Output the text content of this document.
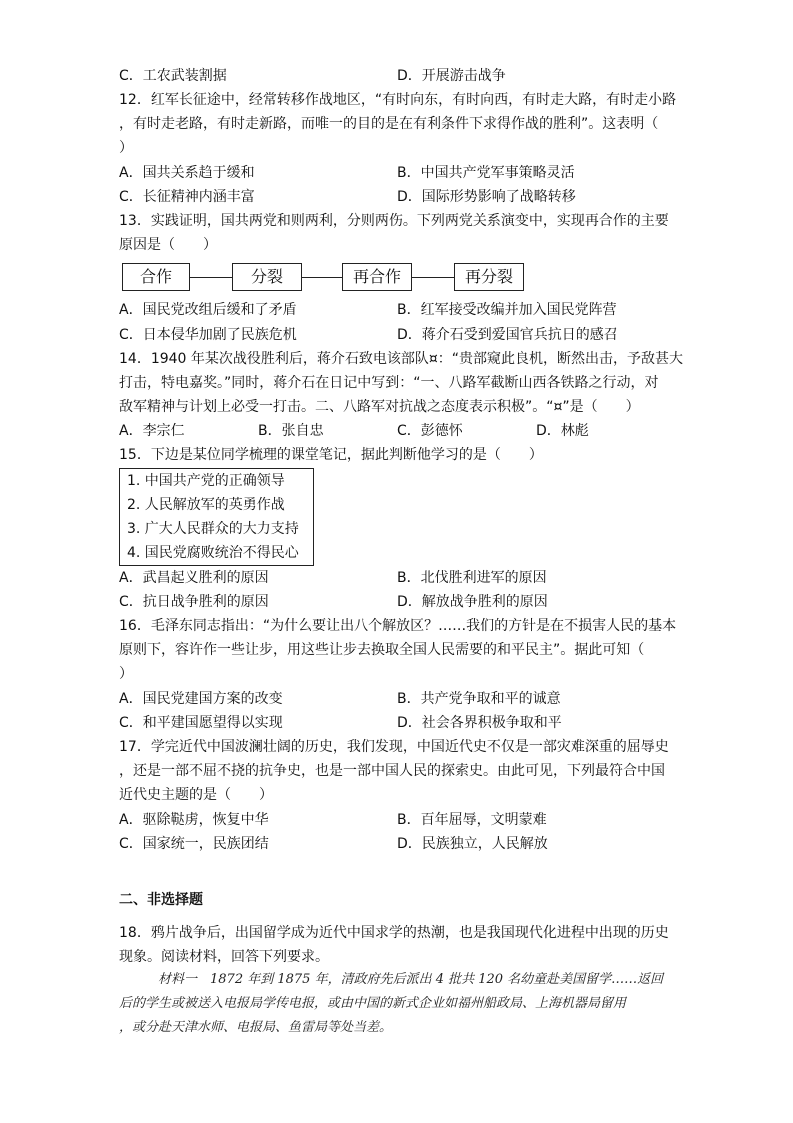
C．工农武装割据	D．开展游击战争
12．红军长征途中，经常转移作战地区，“有时向东，有时向西，有时走大路，有时走小路
，有时走老路，有时走新路，而唯一的目的是在有利条件下求得作战的胜利”。这表明（
）
A．国共关系趋于缓和	B．中国共产党军事策略灵活
C．长征精神内涵丰富	D．国际形势影响了战略转移
13．实践证明，国共两党和则两利，分则两伤。下列两党关系演变中，实现再合作的主要
原因是（　　）
合作	分裂	再合作	再分裂
A．国民党改组后缓和了矛盾	B．红军接受改编并加入国民党阵营
C．日本侵华加剧了民族危机	D．蒋介石受到爱国官兵抗日的感召
14．1940 年某次战役胜利后，蒋介石致电该部队¤：“贵部窥此良机，断然出击，予敌甚大
打击，特电嘉奖。”同时，蒋介石在日记中写到：“一、八路军截断山西各铁路之行动，对
敌军精神与计划上必受一打击。二、八路军对抗战之态度表示积极”。“¤”是（　　）
A．李宗仁	B．张自忠	C．彭德怀	D．林彪
15．下边是某位同学梳理的课堂笔记，据此判断他学习的是（　　）
1. 中国共产党的正确领导
2. 人民解放军的英勇作战
3. 广大人民群众的大力支持
4. 国民党腐败统治不得民心
A．武昌起义胜利的原因	B．北伐胜利进军的原因
C．抗日战争胜利的原因	D．解放战争胜利的原因
16．毛泽东同志指出：“为什么要让出八个解放区？……我们的方针是在不损害人民的基本
原则下，容许作一些让步，用这些让步去换取全国人民需要的和平民主”。据此可知（
）
A．国民党建国方案的改变	B．共产党争取和平的诚意
C．和平建国愿望得以实现	D．社会各界积极争取和平
17．学完近代中国波澜壮阔的历史，我们发现，中国近代史不仅是一部灾难深重的屈辱史
，还是一部不屈不挠的抗争史，也是一部中国人民的探索史。由此可见，下列最符合中国
近代史主题的是（　　）
A．驱除鞑虏，恢复中华	B．百年屈辱，文明蒙难
C．国家统一，民族团结	D．民族独立，人民解放
二、非选择题
18．鸦片战争后，出国留学成为近代中国求学的热潮，也是我国现代化进程中出现的历史
现象。阅读材料，回答下列要求。
材料一　1872 年到 1875 年，清政府先后派出 4 批共 120 名幼童赴美国留学……返回
后的学生或被送入电报局学传电报，或由中国的新式企业如福州船政局、上海机器局留用
，或分赴天津水师、电报局、鱼雷局等处当差。
